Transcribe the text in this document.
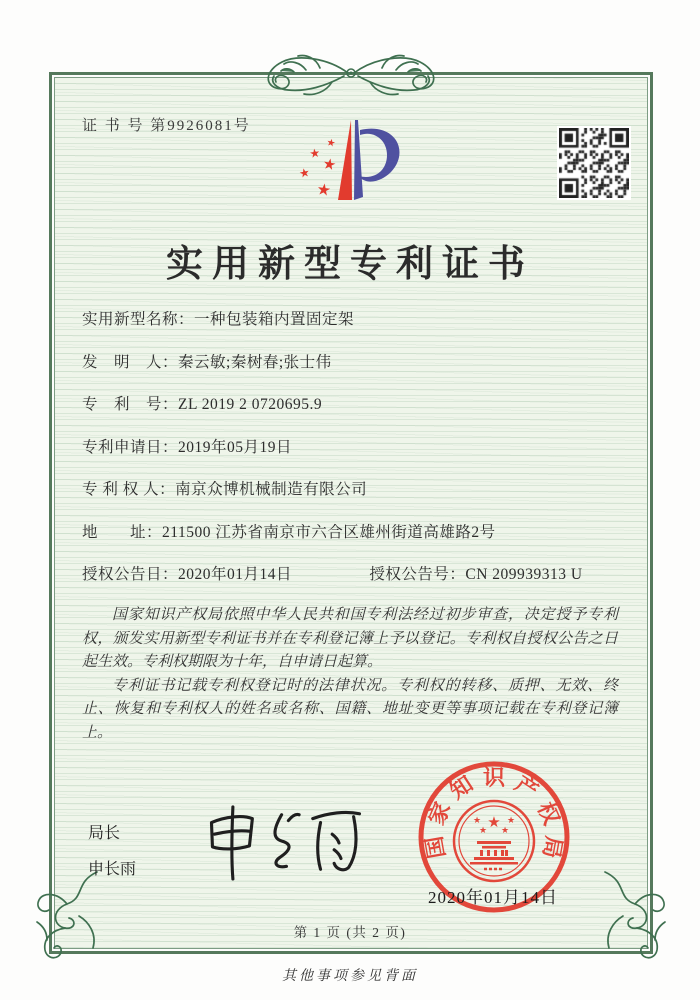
证 书 号 第9926081号
★
★
★
★
★
实用新型专利证书
实用新型名称：一种包装箱内置固定架
发　明　人：秦云敏;秦树春;张士伟
专　利　号：ZL 2019 2 0720695.9
专利申请日：2019年05月19日
专 利 权 人：南京众博机械制造有限公司
地　　址：211500 江苏省南京市六合区雄州街道高雄路2号
授权公告日：2020年01月14日	授权公告号：CN 209939313 U

国家知识产权局依照中华人民共和国专利法经过初步审查，决定授予专利权，颁发实用新型专利证书并在专利登记簿上予以登记。专利权自授权公告之日起生效。专利权期限为十年，自申请日起算。

专利证书记载专利权登记时的法律状况。专利权的转移、质押、无效、终止、恢复和专利权人的姓名或名称、国籍、地址变更等事项记载在专利登记簿上。

局长
申长雨
国
家
知 识 产
权
局
★
★	★
★ ★
2020年01月14日
第 1 页 (共 2 页)
其他事项参见背面
